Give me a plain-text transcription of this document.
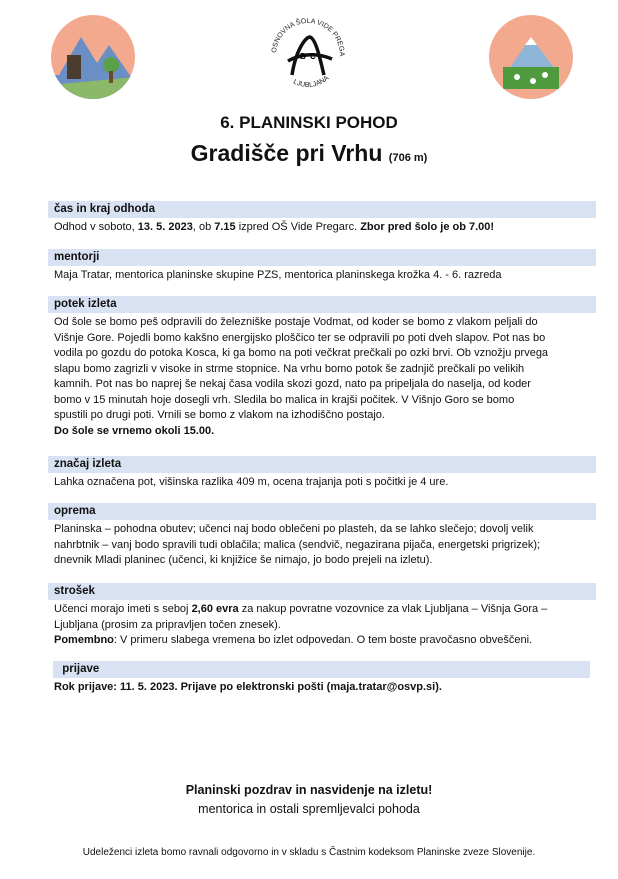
OSNOVNA ŠOLA VIDE PREGA
LJUBLJANA
B C
6. PLANINSKI POHOD
Gradišče pri Vrhu (706 m)
čas in kraj odhoda
Odhod v soboto, 13. 5. 2023, ob 7.15 izpred OŠ Vide Pregarc. Zbor pred šolo je ob 7.00!
mentorji
Maja Tratar, mentorica planinske skupine PZS, mentorica planinskega krožka 4. - 6. razreda
potek izleta
Od šole se bomo peš odpravili do železniške postaje Vodmat, od koder se bomo z vlakom peljali do
Višnje Gore. Pojedli bomo kakšno energijsko ploščico ter se odpravili po poti dveh slapov. Pot nas bo
vodila po gozdu do potoka Kosca, ki ga bomo na poti večkrat prečkali po ozki brvi. Ob vznožju prvega
slapu bomo zagrizli v visoke in strme stopnice. Na vrhu bomo potok še zadnjič prečkali po velikih
kamnih. Pot nas bo naprej še nekaj časa vodila skozi gozd, nato pa pripeljala do naselja, od koder
bomo v 15 minutah hoje dosegli vrh. Sledila bo malica in krajši počitek. V Višnjo Goro se bomo
spustili po drugi poti. Vrnili se bomo z vlakom na izhodiščno postajo.
Do šole se vrnemo okoli 15.00.
značaj izleta
Lahka označena pot, višinska razlika 409 m, ocena trajanja poti s počitki je 4 ure.
oprema
Planinska – pohodna obutev; učenci naj bodo oblečeni po plasteh, da se lahko slečejo; dovolj velik
nahrbtnik – vanj bodo spravili tudi oblačila; malica (sendvič, negazirana pijača, energetski prigrizek);
dnevnik Mladi planinec (učenci, ki knjižice še nimajo, jo bodo prejeli na izletu).
strošek
Učenci morajo imeti s seboj 2,60 evra za nakup povratne vozovnice za vlak Ljubljana – Višnja Gora –
Ljubljana (prosim za pripravljen točen znesek).
Pomembno: V primeru slabega vremena bo izlet odpovedan. O tem boste pravočasno obveščeni.
prijave
Rok prijave: 11. 5. 2023. Prijave po elektronski pošti (maja.tratar@osvp.si).
Planinski pozdrav in nasvidenje na izletu!
mentorica in ostali spremljevalci pohoda
Udeleženci izleta bomo ravnali odgovorno in v skladu s Častnim kodeksom Planinske zveze Slovenije.
